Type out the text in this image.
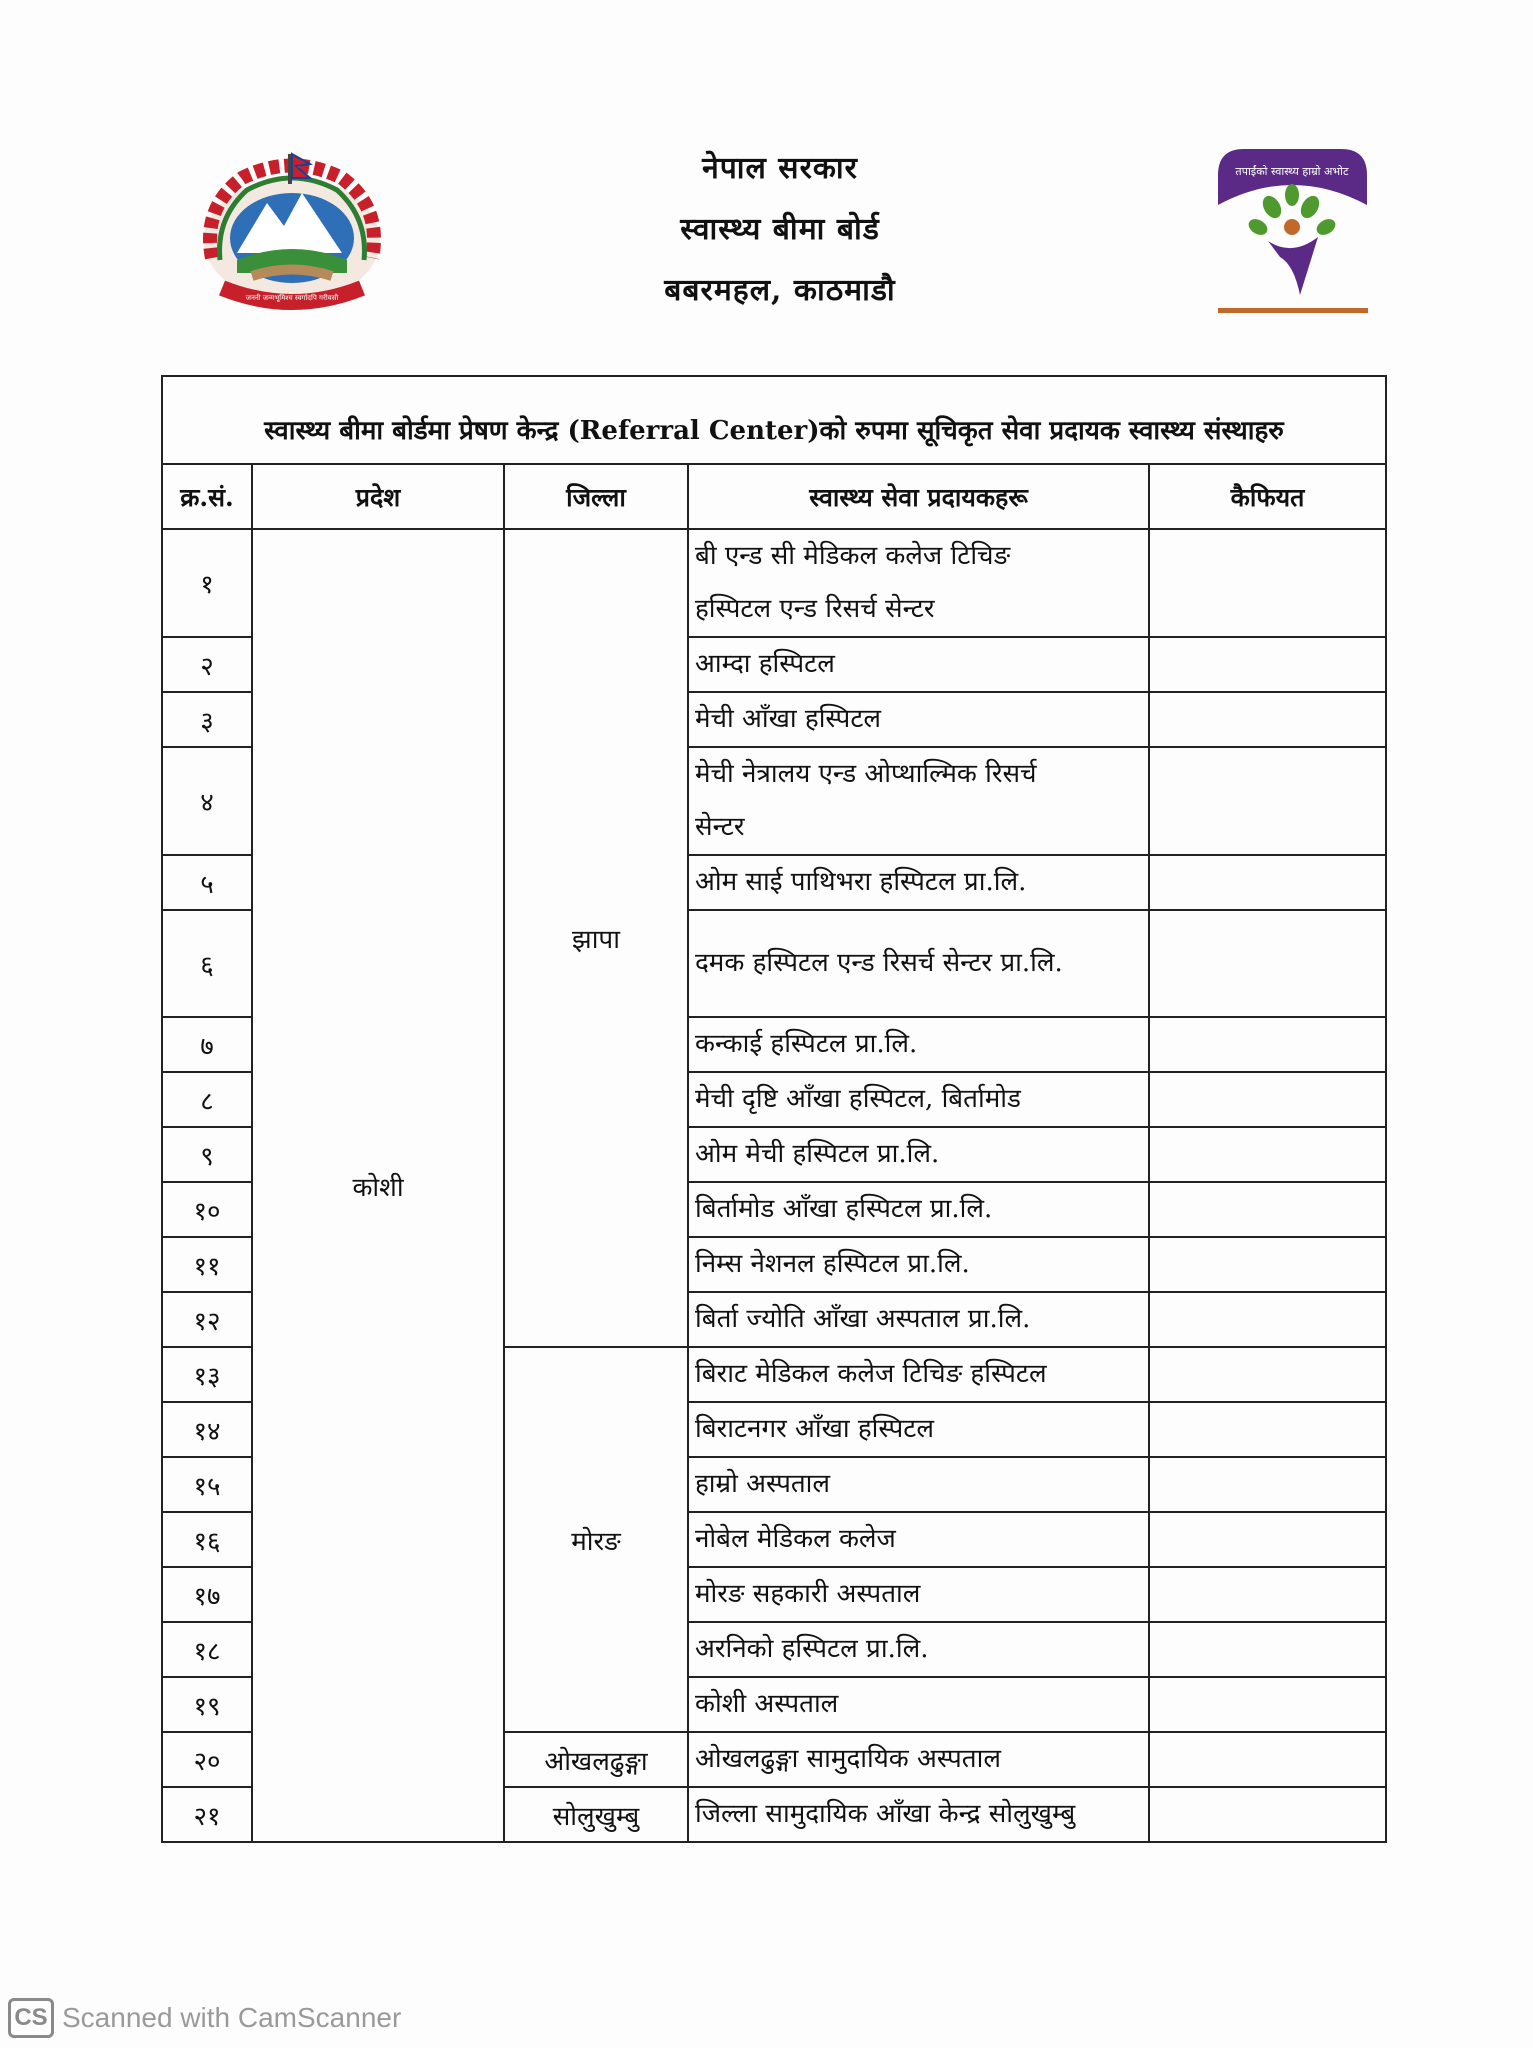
जननी जन्मभूमिश्च स्वर्गादपि गरीयसी
नेपाल सरकार
स्वास्थ्य बीमा बोर्ड
बबरमहल, काठमाडौ
तपाईंको स्वास्थ्य हाम्रो अभोट
स्वास्थ्य बीमा बोर्डमा प्रेषण केन्द्र (Referral Center)को रुपमा सूचिकृत सेवा प्रदायक स्वास्थ्य संस्थाहरु				
क्र.सं.	प्रदेश	जिल्ला	स्वास्थ्य सेवा प्रदायकहरू	कैफियत
१	कोशी	झापा	बी एन्ड सी मेडिकल कलेज टिचिङ
हस्पिटल एन्ड रिसर्च सेन्टर	

२			आम्दा हस्पिटल	
३			मेची आँखा हस्पिटल	
४			मेची नेत्रालय एन्ड ओप्थाल्मिक रिसर्च
सेन्टर	

५			ओम साई पाथिभरा हस्पिटल प्रा.लि.	
६			दमक हस्पिटल एन्ड रिसर्च सेन्टर प्रा.लि.	
७			कन्काई हस्पिटल प्रा.लि.	
८			मेची दृष्टि आँखा हस्पिटल, बिर्तामोड	
९			ओम मेची हस्पिटल प्रा.लि.	
१०			बिर्तामोड आँखा हस्पिटल प्रा.लि.	
११			निम्स नेशनल हस्पिटल प्रा.लि.	
१२			बिर्ता ज्योति आँखा अस्पताल प्रा.लि.	
१३		मोरङ	बिराट मेडिकल कलेज टिचिङ हस्पिटल	
१४			बिराटनगर आँखा हस्पिटल	
१५			हाम्रो अस्पताल	
१६			नोबेल मेडिकल कलेज	
१७			मोरङ सहकारी अस्पताल	
१८			अरनिको हस्पिटल प्रा.लि.	
१९			कोशी अस्पताल	
२०		ओखलढुङ्गा	ओखलढुङ्गा सामुदायिक अस्पताल	
२१		सोलुखुम्बु	जिल्ला सामुदायिक आँखा केन्द्र सोलुखुम्बु	
CS Scanned with CamScanner
